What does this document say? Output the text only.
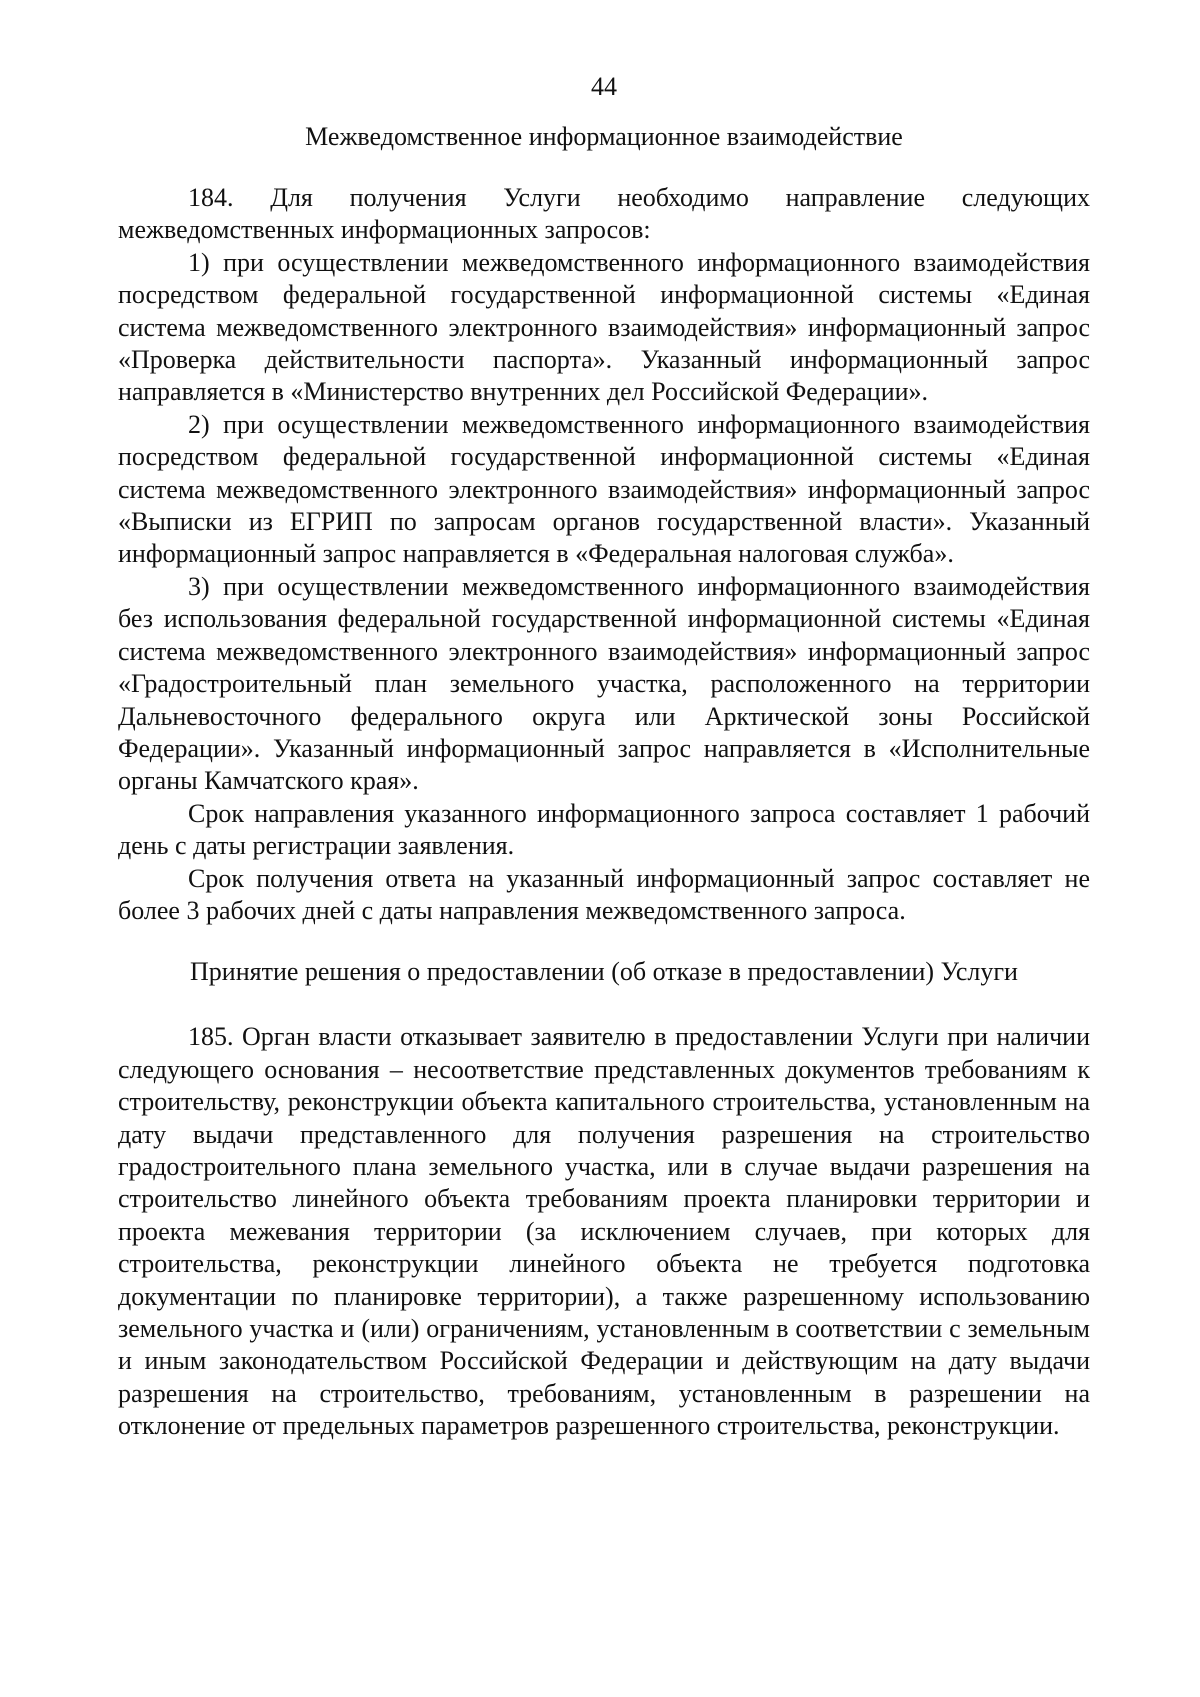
44
Межведомственное информационное взаимодействие

184. Для получения Услуги необходимо направление следующих межведомственных информационных запросов:

1) при осуществлении межведомственного информационного взаимодействия посредством федеральной государственной информационной системы «Единая система межведомственного электронного взаимодействия» информационный запрос «Проверка действительности паспорта». Указанный информационный запрос направляется в «Министерство внутренних дел Российской Федерации».

2) при осуществлении межведомственного информационного взаимодействия посредством федеральной государственной информационной системы «Единая система межведомственного электронного взаимодействия» информационный запрос «Выписки из ЕГРИП по запросам органов государственной власти». Указанный информационный запрос направляется в «Федеральная налоговая служба».

3) при осуществлении межведомственного информационного взаимодействия без использования федеральной государственной информационной системы «Единая система межведомственного электронного взаимодействия» информационный запрос «Градостроительный план земельного участка, расположенного на территории Дальневосточного федерального округа или Арктической зоны Российской Федерации». Указанный информационный запрос направляется в «Исполнительные органы Камчатского края».

Срок направления указанного информационного запроса составляет 1 рабочий день с даты регистрации заявления.

Срок получения ответа на указанный информационный запрос составляет не более 3 рабочих дней с даты направления межведомственного запроса.

Принятие решения о предоставлении (об отказе в предоставлении) Услуги

185. Орган власти отказывает заявителю в предоставлении Услуги при наличии следующего основания – несоответствие представленных документов требованиям к строительству, реконструкции объекта капитального строительства, установленным на дату выдачи представленного для получения разрешения на строительство градостроительного плана земельного участка, или в случае выдачи разрешения на строительство линейного объекта требованиям проекта планировки территории и проекта межевания территории (за исключением случаев, при которых для строительства, реконструкции линейного объекта не требуется подготовка документации по планировке территории), а также разрешенному использованию земельного участка и (или) ограничениям, установленным в соответствии с земельным и иным законодательством Российской Федерации и действующим на дату выдачи разрешения на строительство, требованиям, установленным в разрешении на отклонение от предельных параметров разрешенного строительства, реконструкции.
